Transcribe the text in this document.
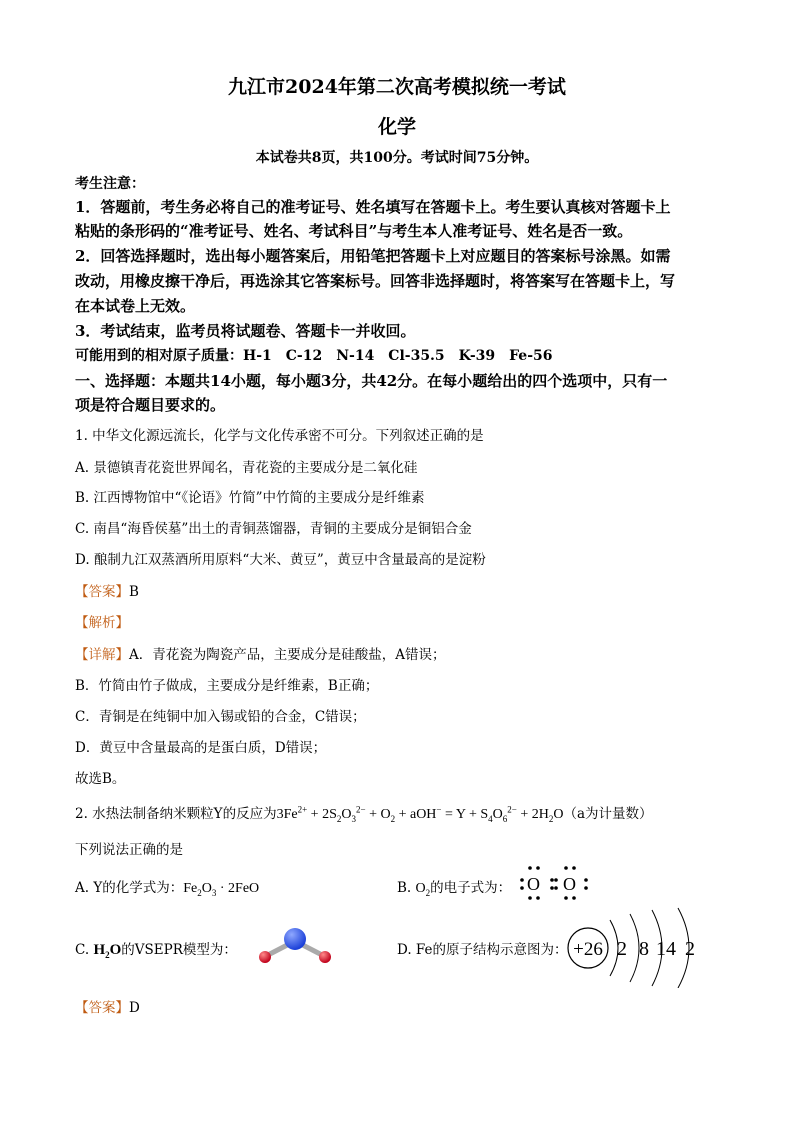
九江市2024年第二次高考模拟统一考试
化学
本试卷共8页，共100分。考试时间75分钟。
考生注意：
1．答题前，考生务必将自己的准考证号、姓名填写在答题卡上。考生要认真核对答题卡上
粘贴的条形码的“准考证号、姓名、考试科目”与考生本人准考证号、姓名是否一致。
2．回答选择题时，选出每小题答案后，用铅笔把答题卡上对应题目的答案标号涂黑。如需
改动，用橡皮擦干净后，再选涂其它答案标号。回答非选择题时，将答案写在答题卡上，写
在本试卷上无效。
3．考试结束，监考员将试题卷、答题卡一并收回。
可能用到的相对原子质量：H-1　C-12　N-14　Cl-35.5　K-39　Fe-56
一、选择题：本题共14小题，每小题3分，共42分。在每小题给出的四个选项中，只有一
项是符合题目要求的。
1. 中华文化源远流长，化学与文化传承密不可分。下列叙述正确的是
A. 景德镇青花瓷世界闻名，青花瓷的主要成分是二氧化硅
B. 江西博物馆中“《论语》竹简”中竹简的主要成分是纤维素
C. 南昌“海昏侯墓”出土的青铜蒸馏器，青铜的主要成分是铜铝合金
D. 酿制九江双蒸酒所用原料“大米、黄豆”，黄豆中含量最高的是淀粉
【答案】B
【解析】
【详解】A．青花瓷为陶瓷产品，主要成分是硅酸盐，A错误；
B．竹简由竹子做成，主要成分是纤维素，B正确；
C．青铜是在纯铜中加入锡或铅的合金，C错误；
D．黄豆中含量最高的是蛋白质，D错误；
故选B。
2. 水热法制备纳米颗粒Y的反应为$3Fe^{2+} + 2S_2O_3^{2-} + O_2 + aOH^- = Y + S_4O_6^{2-} + 2H_2O(a$为计量数）
下列说法正确的是
A. Y的化学式为：$Fe_2O_3 \cdot 2FeO$	B. $O_2$的电子式为： O O
C. $H_2O$的VSEPR模型为：	D. Fe的原子结构示意图为： +26 2 8 14 2
【答案】D
